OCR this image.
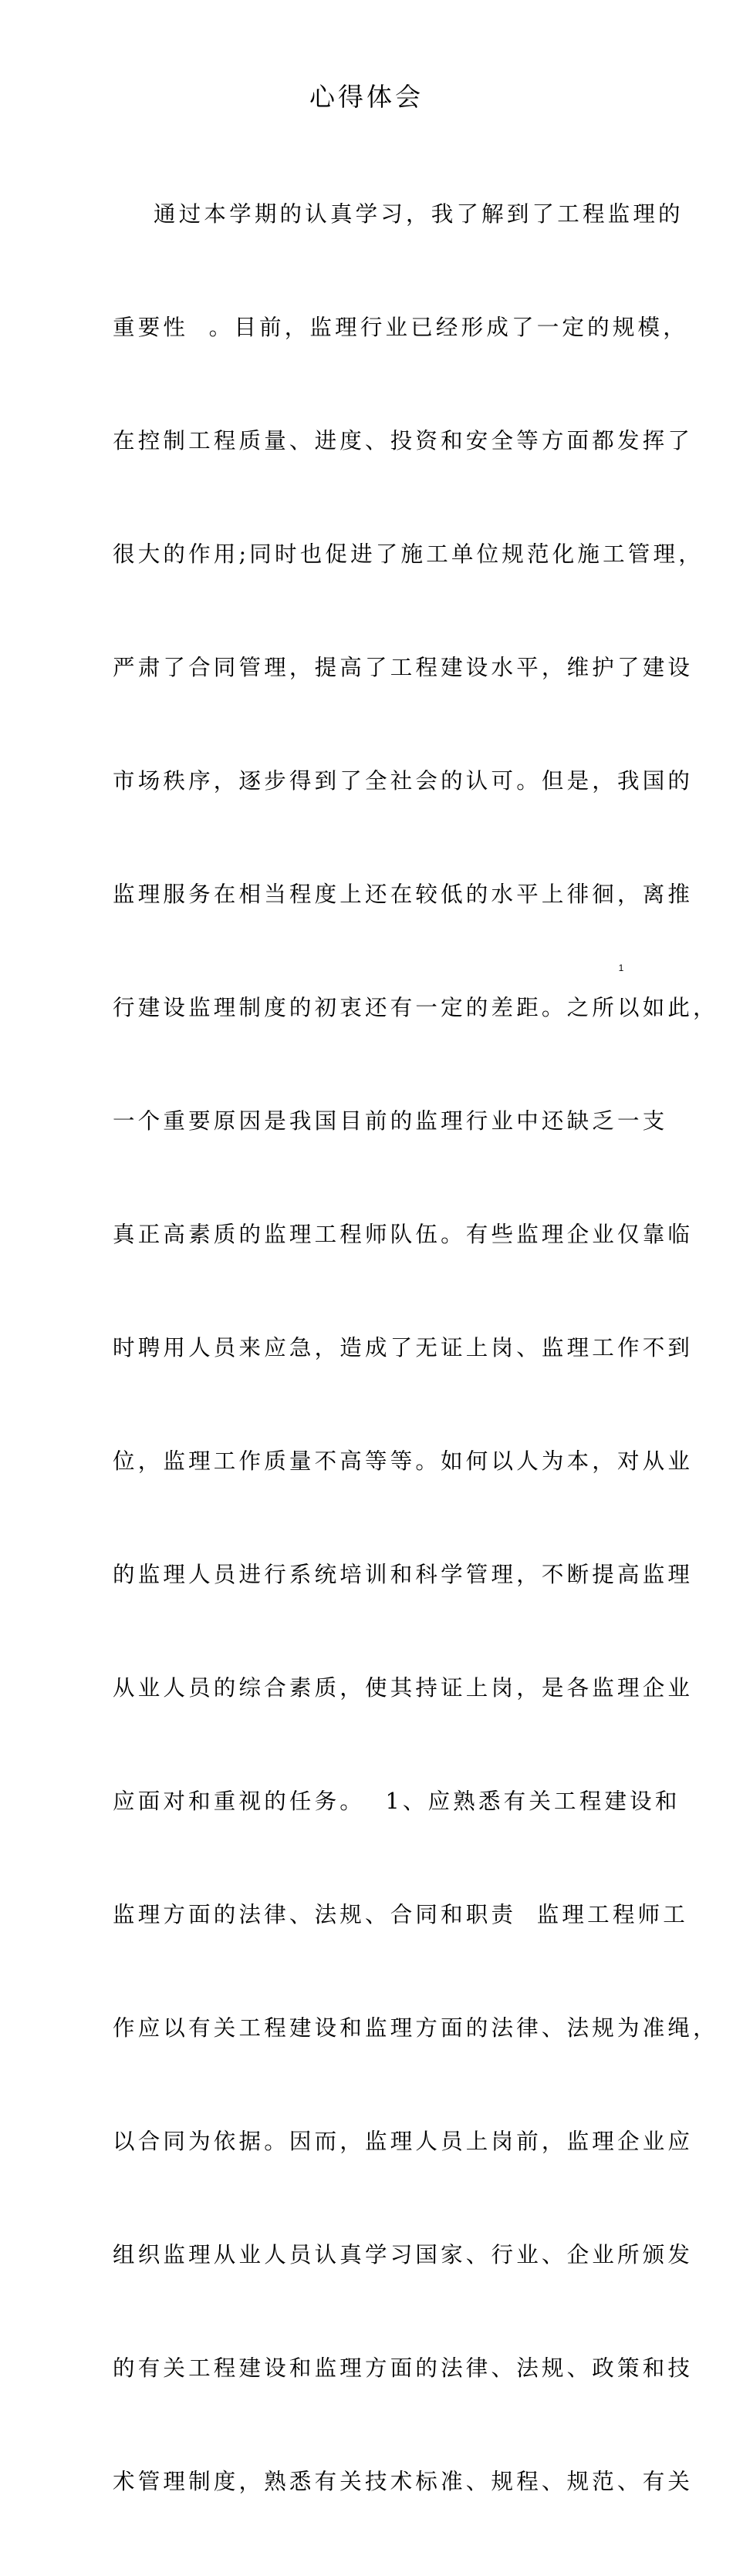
心得体会

通过本学期的认真学习，我了解到了工程监理的

重要性  。目前，监理行业已经形成了一定的规模，

在控制工程质量、进度、投资和安全等方面都发挥了

很大的作用;同时也促进了施工单位规范化施工管理，

严肃了合同管理，提高了工程建设水平，维护了建设

市场秩序，逐步得到了全社会的认可。但是，我国的

监理服务在相当程度上还在较低的水平上徘徊，离推

行建设监理制度的初衷还有一定的差距。之所以如此，

一个重要原因是我国目前的监理行业中还缺乏一支

真正高素质的监理工程师队伍。有些监理企业仅靠临

时聘用人员来应急，造成了无证上岗、监理工作不到

位，监理工作质量不高等等。如何以人为本，对从业

的监理人员进行系统培训和科学管理，不断提高监理

从业人员的综合素质，使其持证上岗，是各监理企业

应面对和重视的任务。  1、应熟悉有关工程建设和

监理方面的法律、法规、合同和职责  监理工程师工

作应以有关工程建设和监理方面的法律、法规为准绳，

以合同为依据。因而，监理人员上岗前，监理企业应

组织监理从业人员认真学习国家、行业、企业所颁发

的有关工程建设和监理方面的法律、法规、政策和技

术管理制度，熟悉有关技术标准、规程、规范、有关

1
